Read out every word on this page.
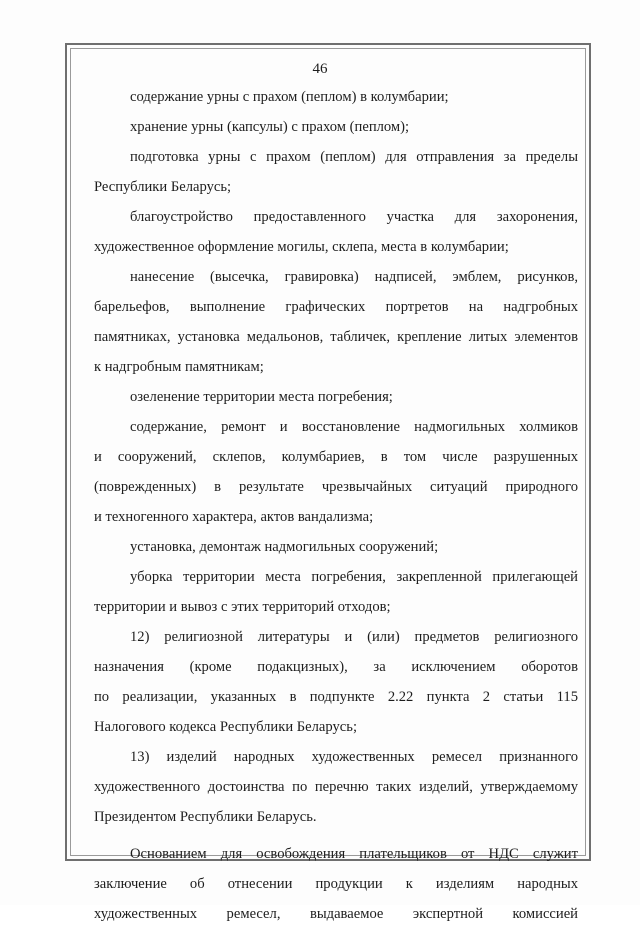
46
содержание урны с прахом (пеплом) в колумбарии;
хранение урны (капсулы) с прахом (пеплом);
подготовка урны с прахом (пеплом) для отправления за пределы
Республики Беларусь;
благоустройство предоставленного участка для захоронения,
художественное оформление могилы, склепа, места в колумбарии;
нанесение (высечка, гравировка) надписей, эмблем, рисунков,
барельефов, выполнение графических портретов на надгробных
памятниках, установка медальонов, табличек, крепление литых элементов
к надгробным памятникам;
озеленение территории места погребения;
содержание, ремонт и восстановление надмогильных холмиков
и сооружений, склепов, колумбариев, в том числе разрушенных
(поврежденных) в результате чрезвычайных ситуаций природного
и техногенного характера, актов вандализма;
установка, демонтаж надмогильных сооружений;
уборка территории места погребения, закрепленной прилегающей
территории и вывоз с этих территорий отходов;
12) религиозной литературы и (или) предметов религиозного
назначения (кроме подакцизных), за исключением оборотов
по реализации, указанных в подпункте 2.22 пункта 2 статьи 115
Налогового кодекса Республики Беларусь;
13) изделий народных художественных ремесел признанного
художественного достоинства по перечню таких изделий, утверждаемому
Президентом Республики Беларусь.
Основанием для освобождения плательщиков от НДС служит
заключение об отнесении продукции к изделиям народных
художественных ремесел, выдаваемое экспертной комиссией
